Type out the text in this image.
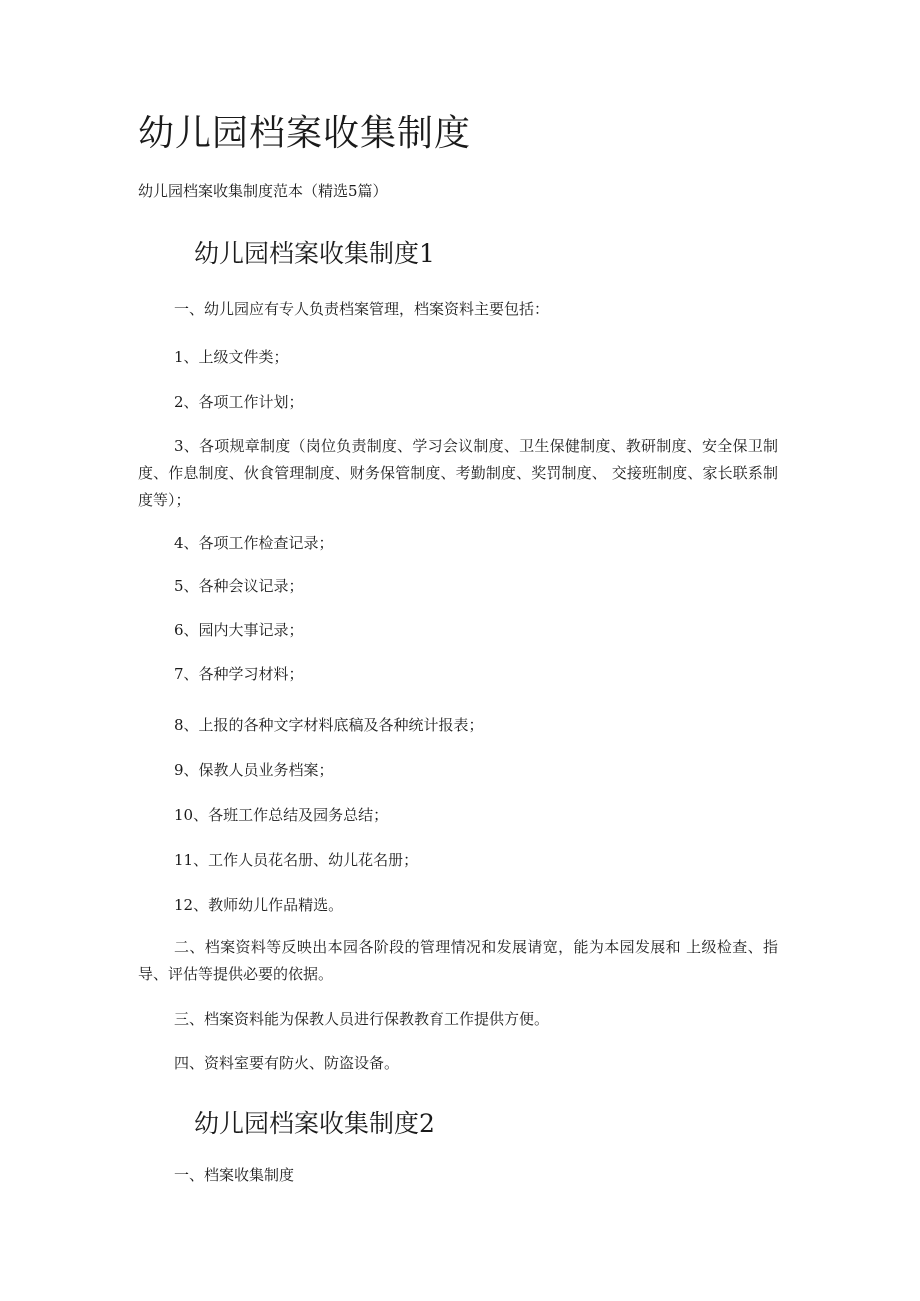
幼儿园档案收集制度

幼儿园档案收集制度范本（精选5篇）

幼儿园档案收集制度1

一、幼儿园应有专人负责档案管理，档案资料主要包括：

1、上级文件类；

2、各项工作计划；

3、各项规章制度（岗位负责制度、学习会议制度、卫生保健制度、教研制度、安全保卫制度、作息制度、伙食管理制度、财务保管制度、考勤制度、奖罚制度、 交接班制度、家长联系制度等）；

4、各项工作检查记录；

5、各种会议记录；

6、园内大事记录；

7、各种学习材料；

8、上报的各种文字材料底稿及各种统计报表；

9、保教人员业务档案；

10、各班工作总结及园务总结；

11、工作人员花名册、幼儿花名册；

12、教师幼儿作品精选。

二、档案资料等反映出本园各阶段的管理情况和发展请宽，能为本园发展和 上级检查、指导、评估等提供必要的依据。

三、档案资料能为保教人员进行保教教育工作提供方便。

四、资料室要有防火、防盗设备。

幼儿园档案收集制度2

一、档案收集制度
